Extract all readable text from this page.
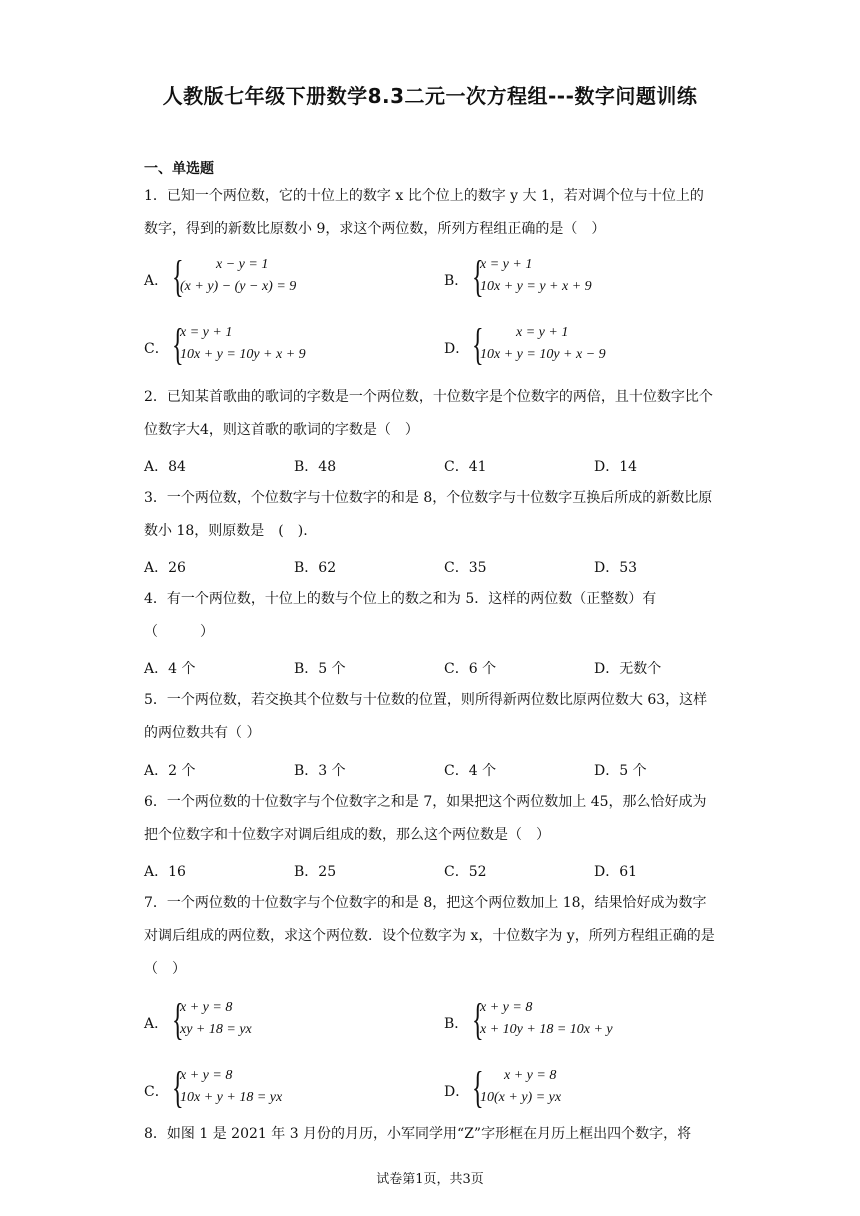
人教版七年级下册数学8.3二元一次方程组---数字问题训练
一、单选题
1．已知一个两位数，它的十位上的数字 x 比个位上的数字 y 大 1，若对调个位与十位上的数字，得到的新数比原数小 9，求这个两位数，所列方程组正确的是（　）
A． { x − y = 1
(x + y) − (y − x) = 9	B． {
x = y + 1
10x + y = y + x + 9
C． {
x = y + 1
10x + y = 10y + x + 9	D． { x = y + 1
10x + y = 10y + x − 9
2．已知某首歌曲的歌词的字数是一个两位数，十位数字是个位数字的两倍，且十位数字比个位数字大4，则这首歌的歌词的字数是（　）
A．84	B．48	C．41	D．14
3．一个两位数，个位数字与十位数字的和是 8，个位数字与十位数字互换后所成的新数比原数小 18，则原数是　(　).
A．26	B．62	C．35	D．53
4．有一个两位数，十位上的数与个位上的数之和为 5．这样的两位数（正整数）有（　　　）
A．4 个	B．5 个	C．6 个	D．无数个
5．一个两位数，若交换其个位数与十位数的位置，则所得新两位数比原两位数大 63，这样的两位数共有（ ）
A．2 个	B．3 个	C．4 个	D．5 个
6．一个两位数的十位数字与个位数字之和是 7，如果把这个两位数加上 45，那么恰好成为把个位数字和十位数字对调后组成的数，那么这个两位数是（　）
A．16	B．25	C．52	D．61
7．一个两位数的十位数字与个位数字的和是 8，把这个两位数加上 18，结果恰好成为数字对调后组成的两位数，求这个两位数．设个位数字为 x，十位数字为 y，所列方程组正确的是（　）
A． {
x + y = 8
xy + 18 = yx	B． {
x + y = 8
x + 10y + 18 = 10x + y
C． {
x + y = 8
10x + y + 18 = yx	D． { x + y = 8
10(x + y) = yx
8．如图 1 是 2021 年 3 月份的月历，小军同学用“Z”字形框在月历上框出四个数字，将
试卷第1页，共3页
